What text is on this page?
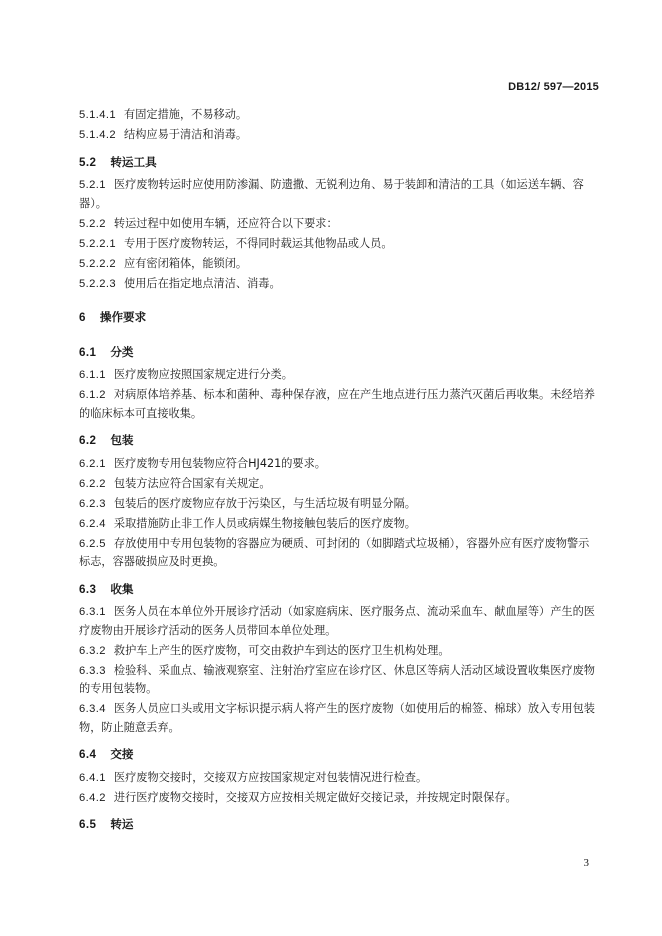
DB12/ 597—2015

5.1.4.1 有固定措施，不易移动。

5.1.4.2 结构应易于清洁和消毒。

5.2 转运工具

5.2.1 医疗废物转运时应使用防渗漏、防遗撒、无锐利边角、易于装卸和清洁的工具（如运送车辆、容器）。

5.2.2 转运过程中如使用车辆，还应符合以下要求：

5.2.2.1 专用于医疗废物转运，不得同时载运其他物品或人员。

5.2.2.2 应有密闭箱体，能锁闭。

5.2.2.3 使用后在指定地点清洁、消毒。

6 操作要求

6.1 分类

6.1.1 医疗废物应按照国家规定进行分类。

6.1.2 对病原体培养基、标本和菌种、毒种保存液，应在产生地点进行压力蒸汽灭菌后再收集。未经培养的临床标本可直接收集。

6.2 包装

6.2.1 医疗废物专用包装物应符合HJ421的要求。

6.2.2 包装方法应符合国家有关规定。

6.2.3 包装后的医疗废物应存放于污染区，与生活垃圾有明显分隔。

6.2.4 采取措施防止非工作人员或病媒生物接触包装后的医疗废物。

6.2.5 存放使用中专用包装物的容器应为硬质、可封闭的（如脚踏式垃圾桶），容器外应有医疗废物警示标志，容器破损应及时更换。

6.3 收集

6.3.1 医务人员在本单位外开展诊疗活动（如家庭病床、医疗服务点、流动采血车、献血屋等）产生的医疗废物由开展诊疗活动的医务人员带回本单位处理。

6.3.2 救护车上产生的医疗废物，可交由救护车到达的医疗卫生机构处理。

6.3.3 检验科、采血点、输液观察室、注射治疗室应在诊疗区、休息区等病人活动区域设置收集医疗废物的专用包装物。

6.3.4 医务人员应口头或用文字标识提示病人将产生的医疗废物（如使用后的棉签、棉球）放入专用包装物，防止随意丢弃。

6.4 交接

6.4.1 医疗废物交接时，交接双方应按国家规定对包装情况进行检查。

6.4.2 进行医疗废物交接时，交接双方应按相关规定做好交接记录，并按规定时限保存。

6.5 转运

3
